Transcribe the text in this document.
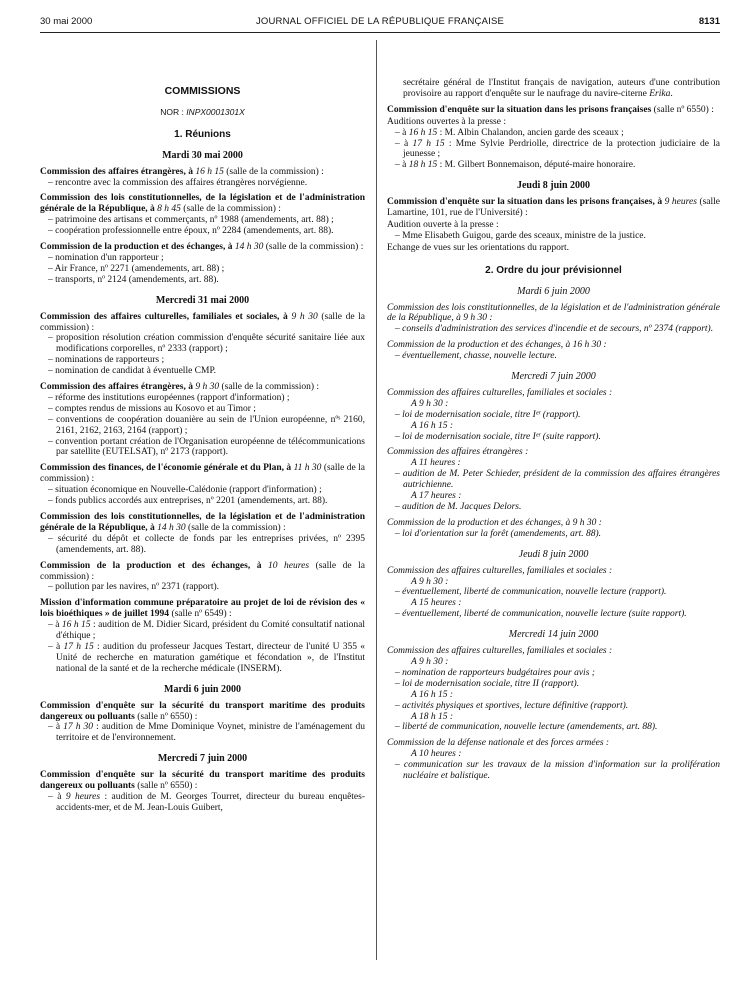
30 mai 2000	JOURNAL OFFICIEL DE LA RÉPUBLIQUE FRANÇAISE	8131
COMMISSIONS
NOR : INPX0001301X
1. Réunions
Mardi 30 mai 2000
Commission des affaires étrangères, à 16 h 15 (salle de la commission) :
– rencontre avec la commission des affaires étrangères norvégienne.
Commission des lois constitutionnelles, de la législation et de l'administration générale de la République, à 8 h 45 (salle de la commission) :
– patrimoine des artisans et commerçants, nº 1988 (amendements, art. 88) ;
– coopération professionnelle entre époux, nº 2284 (amendements, art. 88).
Commission de la production et des échanges, à 14 h 30 (salle de la commission) :
– nomination d'un rapporteur ;
– Air France, nº 2271 (amendements, art. 88) ;
– transports, nº 2124 (amendements, art. 88).
Mercredi 31 mai 2000
Commission des affaires culturelles, familiales et sociales, à 9 h 30 (salle de la commission) :
– proposition résolution création commission d'enquête sécurité sanitaire liée aux modifications corporelles, nº 2333 (rapport) ;
– nominations de rapporteurs ;
– nomination de candidat à éventuelle CMP.
Commission des affaires étrangères, à 9 h 30 (salle de la commission) :
– réforme des institutions européennes (rapport d'information) ;
– comptes rendus de missions au Kosovo et au Timor ;
– conventions de coopération douanière au sein de l'Union européenne, nºˢ 2160, 2161, 2162, 2163, 2164 (rapport) ;
– convention portant création de l'Organisation européenne de télécommunications par satellite (EUTELSAT), nº 2173 (rapport).
Commission des finances, de l'économie générale et du Plan, à 11 h 30 (salle de la commission) :
– situation économique en Nouvelle-Calédonie (rapport d'information) ;
– fonds publics accordés aux entreprises, nº 2201 (amendements, art. 88).
Commission des lois constitutionnelles, de la législation et de l'administration générale de la République, à 14 h 30 (salle de la commission) :
– sécurité du dépôt et collecte de fonds par les entreprises privées, nº 2395 (amendements, art. 88).
Commission de la production et des échanges, à 10 heures (salle de la commission) :
– pollution par les navires, nº 2371 (rapport).
Mission d'information commune préparatoire au projet de loi de révision des « lois bioéthiques » de juillet 1994 (salle nº 6549) :
– à 16 h 15 : audition de M. Didier Sicard, président du Comité consultatif national d'éthique ;
– à 17 h 15 : audition du professeur Jacques Testart, directeur de l'unité U 355 « Unité de recherche en maturation gamétique et fécondation », de l'Institut national de la santé et de la recherche médicale (INSERM).
Mardi 6 juin 2000
Commission d'enquête sur la sécurité du transport maritime des produits dangereux ou polluants (salle nº 6550) :
– à 17 h 30 : audition de Mme Dominique Voynet, ministre de l'aménagement du territoire et de l'environnement.
Mercredi 7 juin 2000
Commission d'enquête sur la sécurité du transport maritime des produits dangereux ou polluants (salle nº 6550) :
– à 9 heures : audition de M. Georges Tourret, directeur du bureau enquêtes-accidents-mer, et de M. Jean-Louis Guibert,
secrétaire général de l'Institut français de navigation, auteurs d'une contribution provisoire au rapport d'enquête sur le naufrage du navire-citerne Erika.
Commission d'enquête sur la situation dans les prisons françaises (salle nº 6550) :
Auditions ouvertes à la presse :
– à 16 h 15 : M. Albin Chalandon, ancien garde des sceaux ;
– à 17 h 15 : Mme Sylvie Perdriolle, directrice de la protection judiciaire de la jeunesse ;
– à 18 h 15 : M. Gilbert Bonnemaison, député-maire honoraire.
Jeudi 8 juin 2000
Commission d'enquête sur la situation dans les prisons françaises, à 9 heures (salle Lamartine, 101, rue de l'Université) :
Audition ouverte à la presse :
– Mme Elisabeth Guigou, garde des sceaux, ministre de la justice.
Echange de vues sur les orientations du rapport.
2. Ordre du jour prévisionnel
Mardi 6 juin 2000
Commission des lois constitutionnelles, de la législation et de l'administration générale de la République, à 9 h 30 :
– conseils d'administration des services d'incendie et de secours, nº 2374 (rapport).
Commission de la production et des échanges, à 16 h 30 :
– éventuellement, chasse, nouvelle lecture.
Mercredi 7 juin 2000
Commission des affaires culturelles, familiales et sociales :
A 9 h 30 :
– loi de modernisation sociale, titre Iᵉʳ (rapport).
A 16 h 15 :
– loi de modernisation sociale, titre Iᵉʳ (suite rapport).
Commission des affaires étrangères :
A 11 heures :
– audition de M. Peter Schieder, président de la commission des affaires étrangères autrichienne.
A 17 heures :
– audition de M. Jacques Delors.
Commission de la production et des échanges, à 9 h 30 :
– loi d'orientation sur la forêt (amendements, art. 88).
Jeudi 8 juin 2000
Commission des affaires culturelles, familiales et sociales :
A 9 h 30 :
– éventuellement, liberté de communication, nouvelle lecture (rapport).
A 15 heures :
– éventuellement, liberté de communication, nouvelle lecture (suite rapport).
Mercredi 14 juin 2000
Commission des affaires culturelles, familiales et sociales :
A 9 h 30 :
– nomination de rapporteurs budgétaires pour avis ;
– loi de modernisation sociale, titre II (rapport).
A 16 h 15 :
– activités physiques et sportives, lecture définitive (rapport).
A 18 h 15 :
– liberté de communication, nouvelle lecture (amendements, art. 88).
Commission de la défense nationale et des forces armées :
A 10 heures :
– communication sur les travaux de la mission d'information sur la prolifération nucléaire et balistique.
